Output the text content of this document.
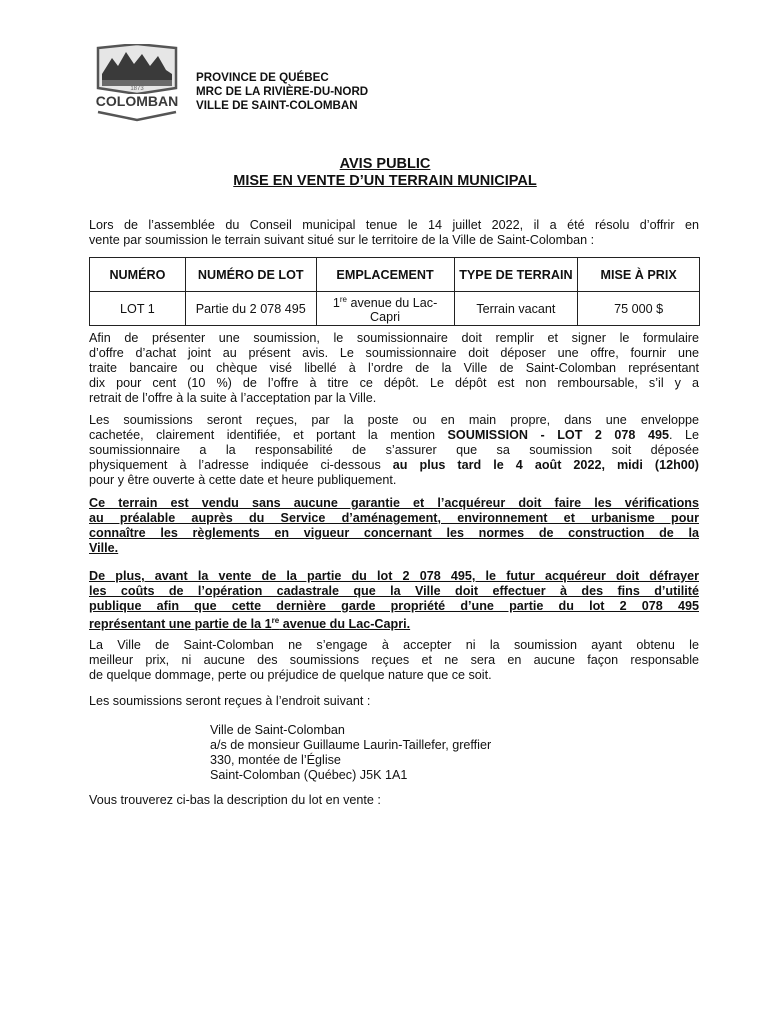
1873
COLOMBAN
PROVINCE DE QUÉBEC
MRC DE LA RIVIÈRE-DU-NORD
VILLE DE SAINT-COLOMBAN
AVIS PUBLIC
MISE EN VENTE D’UN TERRAIN MUNICIPAL
Lors de l’assemblée du Conseil municipal tenue le 14 juillet 2022, il a été résolu d’offrir en
vente par soumission le terrain suivant situé sur le territoire de la Ville de Saint-Colomban :
NUMÉRO	NUMÉRO DE LOT	EMPLACEMENT	TYPE DE TERRAIN	MISE À PRIX
LOT 1	Partie du 2 078 495	1re avenue du Lac-Capri	Terrain vacant	75 000 $
Afin de présenter une soumission, le soumissionnaire doit remplir et signer le formulaire
d’offre d’achat joint au présent avis. Le soumissionnaire doit déposer une offre, fournir une
traite bancaire ou chèque visé libellé à l’ordre de la Ville de Saint-Colomban représentant
dix pour cent (10 %) de l’offre à titre ce dépôt. Le dépôt est non remboursable, s’il y a
retrait de l’offre à la suite à l’acceptation par la Ville.
Les soumissions seront reçues, par la poste ou en main propre, dans une enveloppe
cachetée, clairement identifiée, et portant la mention SOUMISSION - LOT 2 078 495. Le
soumissionnaire a la responsabilité de s’assurer que sa soumission soit déposée
physiquement à l’adresse indiquée ci-dessous au plus tard le 4 août 2022, midi (12h00)
pour y être ouverte à cette date et heure publiquement.
Ce terrain est vendu sans aucune garantie et l’acquéreur doit faire les vérifications
au préalable auprès du Service d’aménagement, environnement et urbanisme pour
connaître les règlements en vigueur concernant les normes de construction de la
Ville.
De plus, avant la vente de la partie du lot 2 078 495, le futur acquéreur doit défrayer
les coûts de l’opération cadastrale que la Ville doit effectuer à des fins d’utilité
publique afin que cette dernière garde propriété d’une partie du lot 2 078 495
représentant une partie de la 1re avenue du Lac-Capri.
La Ville de Saint-Colomban ne s’engage à accepter ni la soumission ayant obtenu le
meilleur prix, ni aucune des soumissions reçues et ne sera en aucune façon responsable
de quelque dommage, perte ou préjudice de quelque nature que ce soit.
Les soumissions seront reçues à l’endroit suivant :
Ville de Saint-Colomban
a/s de monsieur Guillaume Laurin-Taillefer, greffier
330, montée de l’Église
Saint-Colomban (Québec) J5K 1A1
Vous trouverez ci-bas la description du lot en vente :
